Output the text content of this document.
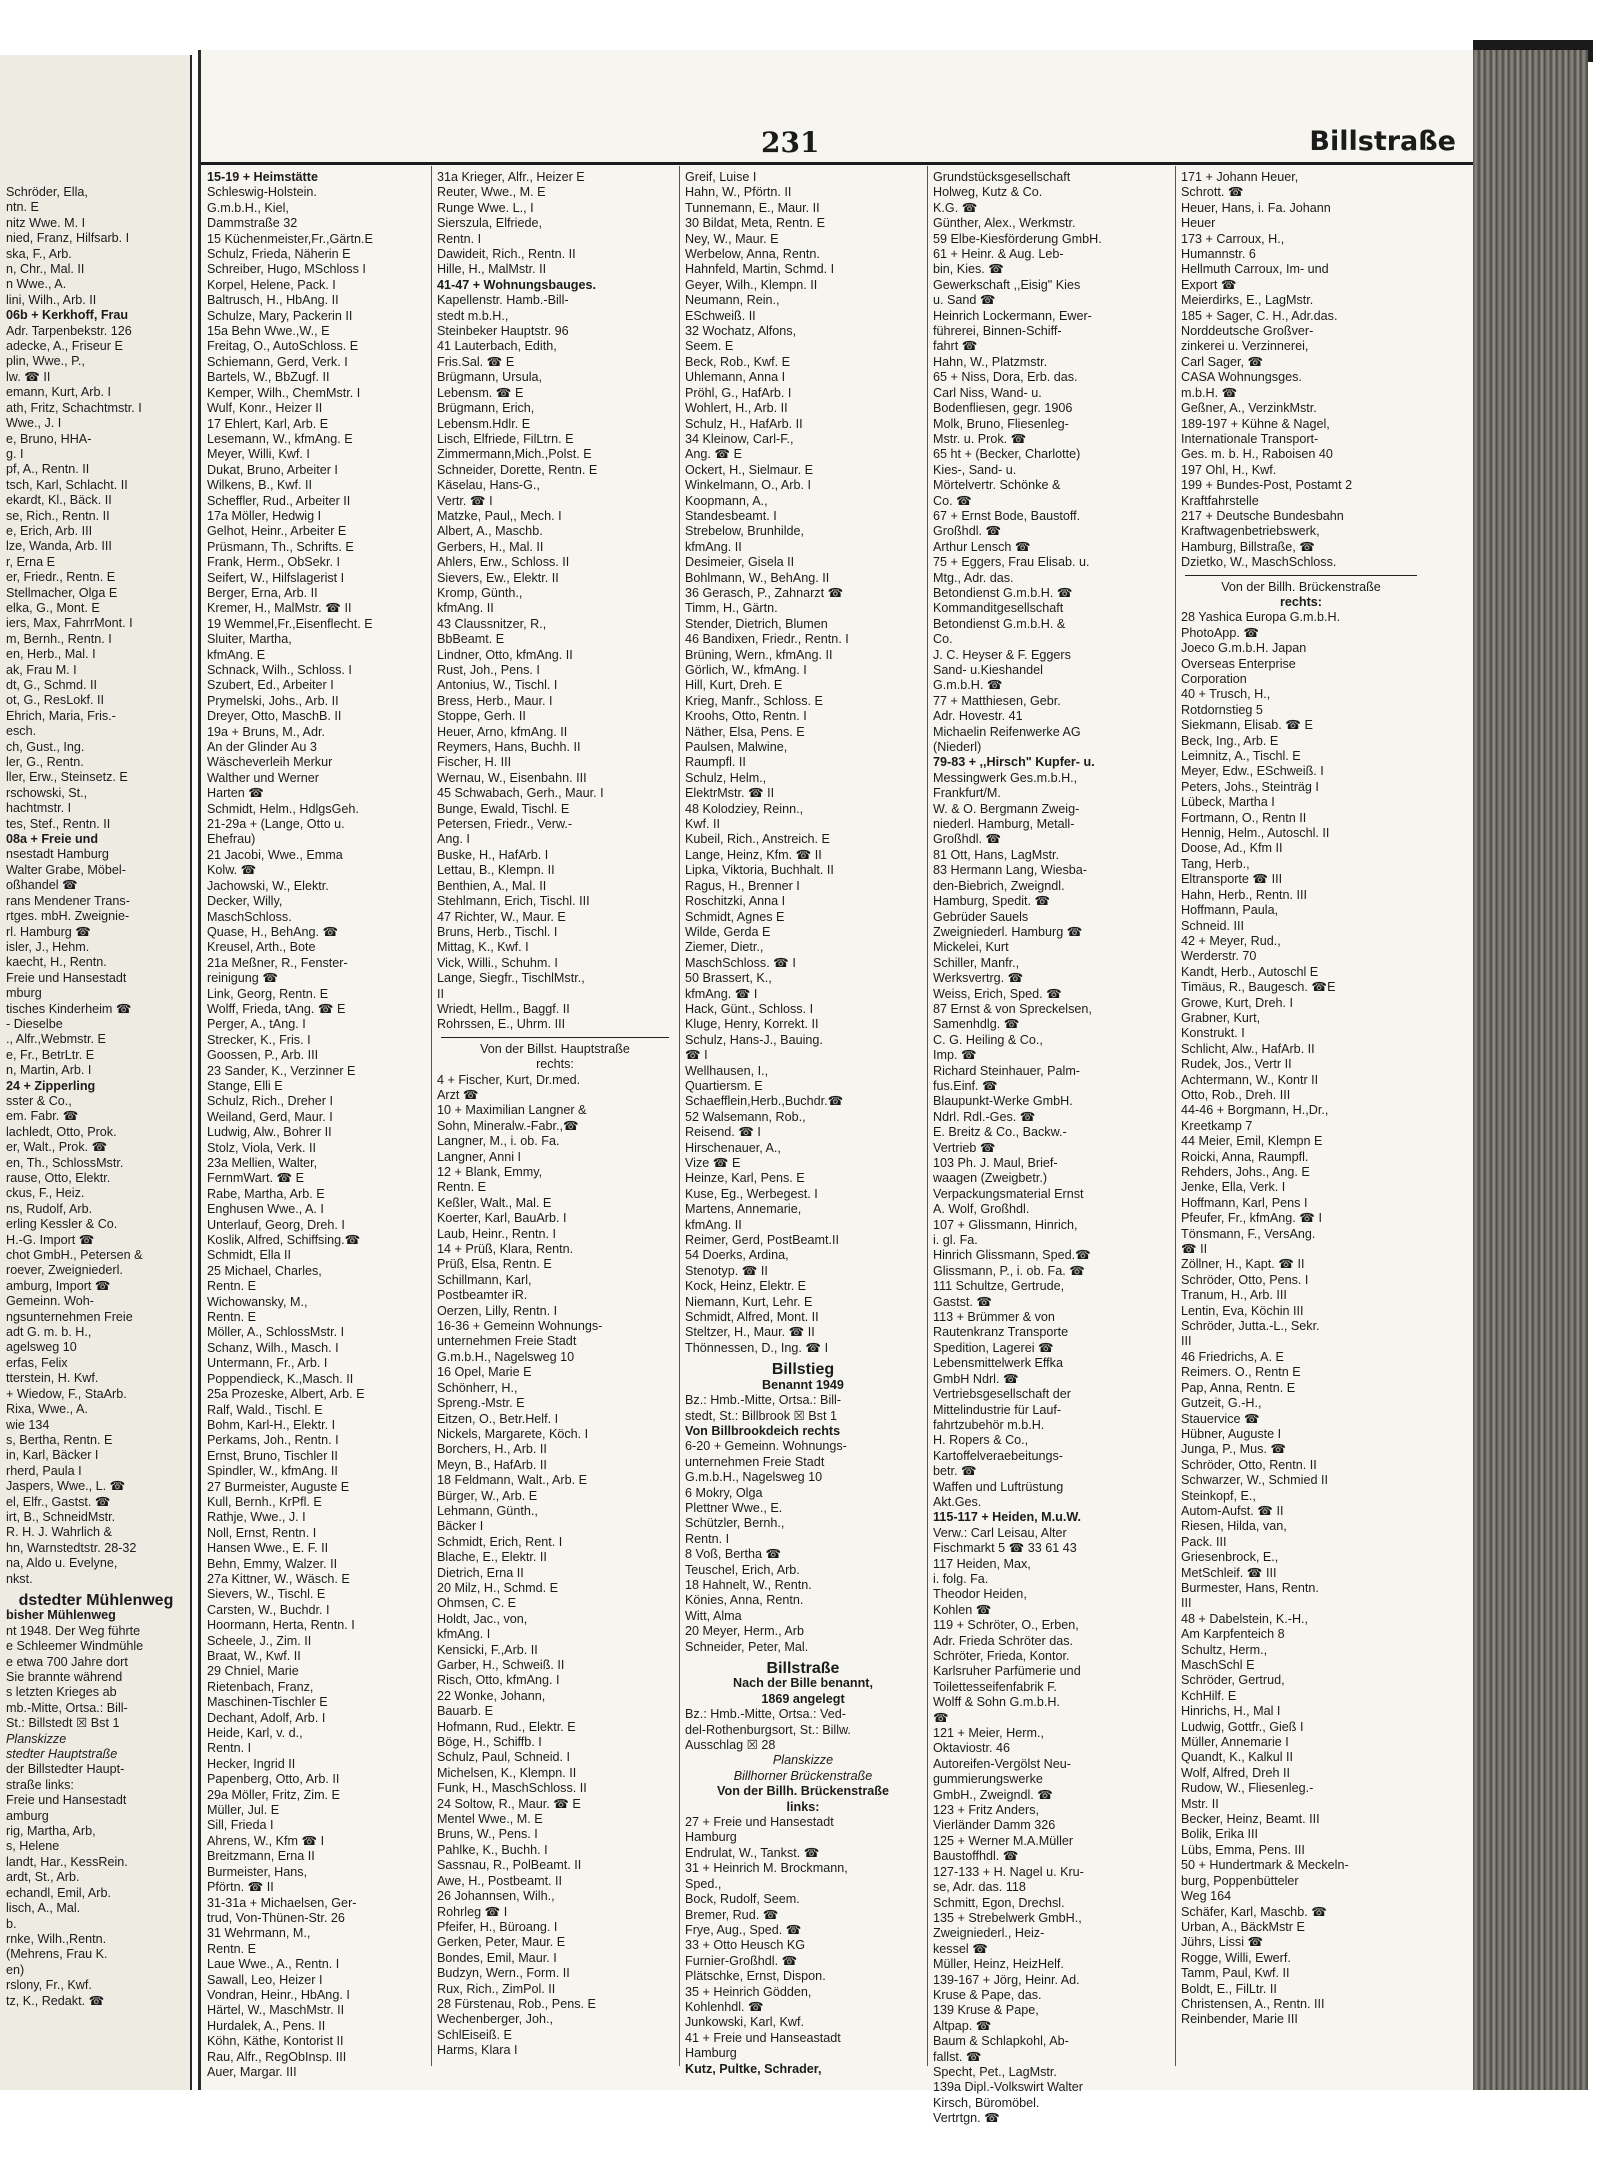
Schröder, Ella,
ntn. E
nitz Wwe. M. I
nied, Franz, Hilfsarb. I
ska, F., Arb.
n, Chr., Mal. II
n Wwe., A.
lini, Wilh., Arb. II
06b + Kerkhoff, Frau
Adr. Tarpenbekstr. 126
adecke, A., Friseur E
plin, Wwe., P.,
lw. ☎ II
emann, Kurt, Arb. I
ath, Fritz, Schachtmstr. I
Wwe., J. I
e, Bruno, HHA-
g. I
pf, A., Rentn. II
tsch, Karl, Schlacht. II
ekardt, Kl., Bäck. II
se, Rich., Rentn. II
e, Erich, Arb. III
lze, Wanda, Arb. III
r, Erna E
er, Friedr., Rentn. E
Stellmacher, Olga E
elka, G., Mont. E
iers, Max, FahrrMont. I
m, Bernh., Rentn. I
en, Herb., Mal. I
ak, Frau M. I
dt, G., Schmd. II
ot, G., ResLokf. II
Ehrich, Maria, Fris.-
esch.
ch, Gust., Ing.
ler, G., Rentn.
ller, Erw., Steinsetz. E
rschowski, St.,
hachtmstr. I
tes, Stef., Rentn. II
08a + Freie und
nsestadt Hamburg
Walter Grabe, Möbel-
oßhandel ☎
rans Mendener Trans-
rtges. mbH. Zweignie-
rl. Hamburg ☎
isler, J., Hehm.
kaecht, H., Rentn.
Freie und Hansestadt
mburg
tisches Kinderheim ☎
- Dieselbe
., Alfr.,Webmstr. E
e, Fr., BetrLtr. E
n, Martin, Arb. I
24 + Zipperling
sster & Co.,
em. Fabr. ☎
lachledt, Otto, Prok.
er, Walt., Prok. ☎
en, Th., SchlossMstr.
rause, Otto, Elektr.
ckus, F., Heiz.
ns, Rudolf, Arb.
erling Kessler & Co.
H.-G. Import ☎
chot GmbH., Petersen &
roever, Zweigniederl.
amburg, Import ☎
Gemeinn. Woh-
ngsunternehmen Freie
adt G. m. b. H.,
agelsweg 10
erfas, Felix
tterstein, H. Kwf.
+ Wiedow, F., StaArb.
Rixa, Wwe., A.
wie 134
s, Bertha, Rentn. E
in, Karl, Bäcker I
rherd, Paula I
Jaspers, Wwe., L. ☎
el, Elfr., Gastst. ☎
irt, B., SchneidMstr.
R. H. J. Wahrlich &
hn, Warnstedtstr. 28-32
na, Aldo u. Evelyne,
nkst.
dstedter Mühlenweg
bisher Mühlenweg
nt 1948. Der Weg führte
e Schleemer Windmühle
e etwa 700 Jahre dort
Sie brannte während
s letzten Krieges ab
mb.-Mitte, Ortsa.: Bill-
St.: Billstedt ☒ Bst 1
Planskizze
stedter Hauptstraße
der Billstedter Haupt-
straße links:
Freie und Hansestadt
amburg
rig, Martha, Arb,
s, Helene
landt, Har., KessRein.
ardt, St., Arb.
echandl, Emil, Arb.
lisch, A., Mal.
b.
rnke, Wilh.,Rentn.
(Mehrens, Frau K.
en)
rslony, Fr., Kwf.
tz, K., Redakt. ☎
231	Billstraße
15-19 + Heimstätte
Schleswig-Holstein.
G.m.b.H., Kiel,
Dammstraße 32
15 Küchenmeister,Fr.,Gärtn.E
Schulz, Frieda, Näherin E
Schreiber, Hugo, MSchloss I
Korpel, Helene, Pack. I
Baltrusch, H., HbAng. II
Schulze, Mary, Packerin II
15a Behn Wwe.,W., E
Freitag, O., AutoSchloss. E
Schiemann, Gerd, Verk. I
Bartels, W., BbZugf. II
Kemper, Wilh., ChemMstr. I
Wulf, Konr., Heizer II
17 Ehlert, Karl, Arb. E
Lesemann, W., kfmAng. E
Meyer, Willi, Kwf. I
Dukat, Bruno, Arbeiter I
Wilkens, B., Kwf. II
Scheffler, Rud., Arbeiter II
17a Möller, Hedwig I
Gelhot, Heinr., Arbeiter E
Prüsmann, Th., Schrifts. E
Frank, Herm., ObSekr. I
Seifert, W., Hilfslagerist I
Berger, Erna, Arb. II
Kremer, H., MalMstr. ☎ II
19 Wemmel,Fr.,Eisenflecht. E
Sluiter, Martha,
kfmAng. E
Schnack, Wilh., Schloss. I
Szubert, Ed., Arbeiter I
Prymelski, Johs., Arb. II
Dreyer, Otto, MaschB. II
19a + Bruns, M., Adr.
An der Glinder Au 3
Wäscheverleih Merkur
Walther und Werner
Harten ☎
Schmidt, Helm., HdlgsGeh.
21-29a + (Lange, Otto u.
Ehefrau)
21 Jacobi, Wwe., Emma
Kolw. ☎
Jachowski, W., Elektr.
Decker, Willy,
MaschSchloss.
Quase, H., BehAng. ☎
Kreusel, Arth., Bote
21a Meßner, R., Fenster-
reinigung ☎
Link, Georg, Rentn. E
Wolff, Frieda, tAng. ☎ E
Perger, A., tAng. I
Strecker, K., Fris. I
Goossen, P., Arb. III
23 Sander, K., Verzinner E
Stange, Elli E
Schulz, Rich., Dreher I
Weiland, Gerd, Maur. I
Ludwig, Alw., Bohrer II
Stolz, Viola, Verk. II
23a Mellien, Walter,
FernmWart. ☎ E
Rabe, Martha, Arb. E
Enghusen Wwe., A. I
Unterlauf, Georg, Dreh. I
Koslik, Alfred, Schiffsing.☎
Schmidt, Ella II
25 Michael, Charles,
Rentn. E
Wichowansky, M.,
Rentn. E
Möller, A., SchlossMstr. I
Schanz, Wilh., Masch. I
Untermann, Fr., Arb. I
Poppendieck, K.,Masch. II
25a Prozeske, Albert, Arb. E
Ralf, Wald., Tischl. E
Bohm, Karl-H., Elektr. I
Perkams, Joh., Rentn. I
Ernst, Bruno, Tischler II
Spindler, W., kfmAng. II
27 Burmeister, Auguste E
Kull, Bernh., KrPfl. E
Rathje, Wwe., J. I
Noll, Ernst, Rentn. I
Hansen Wwe., E. F. II
Behn, Emmy, Walzer. II
27a Kittner, W., Wäsch. E
Sievers, W., Tischl. E
Carsten, W., Buchdr. I
Hoormann, Herta, Rentn. I
Scheele, J., Zim. II
Braat, W., Kwf. II
29 Chniel, Marie
Rietenbach, Franz,
Maschinen-Tischler E
Dechant, Adolf, Arb. I
Heide, Karl, v. d.,
Rentn. I
Hecker, Ingrid II
Papenberg, Otto, Arb. II
29a Möller, Fritz, Zim. E
Müller, Jul. E
Sill, Frieda I
Ahrens, W., Kfm ☎ I
Breitzmann, Erna II
Burmeister, Hans,
Pförtn. ☎ II
31-31a + Michaelsen, Ger-
trud, Von-Thünen-Str. 26
31 Wehrmann, M.,
Rentn. E
Laue Wwe., A., Rentn. I
Sawall, Leo, Heizer I
Vondran, Heinr., HbAng. I
Härtel, W., MaschMstr. II
Hurdalek, A., Pens. II
Köhn, Käthe, Kontorist II
Rau, Alfr., RegObInsp. III
Auer, Margar. III
31a Krieger, Alfr., Heizer E
Reuter, Wwe., M. E
Runge Wwe. L., I
Sierszula, Elfriede,
Rentn. I
Dawideit, Rich., Rentn. II
Hille, H., MalMstr. II
41-47 + Wohnungsbauges.
Kapellenstr. Hamb.-Bill-
stedt m.b.H.,
Steinbeker Hauptstr. 96
41 Lauterbach, Edith,
Fris.Sal. ☎ E
Brügmann, Ursula,
Lebensm. ☎ E
Brügmann, Erich,
Lebensm.Hdlr. E
Lisch, Elfriede, FilLtrn. E
Zimmermann,Mich.,Polst. E
Schneider, Dorette, Rentn. E
Käselau, Hans-G.,
Vertr. ☎ I
Matzke, Paul,, Mech. I
Albert, A., Maschb.
Gerbers, H., Mal. II
Ahlers, Erw., Schloss. II
Sievers, Ew., Elektr. II
Kromp, Günth.,
kfmAng. II
43 Claussnitzer, R.,
BbBeamt. E
Lindner, Otto, kfmAng. II
Rust, Joh., Pens. I
Antonius, W., Tischl. I
Bress, Herb., Maur. I
Stoppe, Gerh. II
Heuer, Arno, kfmAng. II
Reymers, Hans, Buchh. II
Fischer, H. III
Wernau, W., Eisenbahn. III
45 Schwabach, Gerh., Maur. I
Bunge, Ewald, Tischl. E
Petersen, Friedr., Verw.-
Ang. I
Buske, H., HafArb. I
Lettau, B., Klempn. II
Benthien, A., Mal. II
Stehlmann, Erich, Tischl. III
47 Richter, W., Maur. E
Bruns, Herb., Tischl. I
Mittag, K., Kwf. I
Vick, Willi., Schuhm. I
Lange, Siegfr., TischlMstr.,
II
Wriedt, Hellm., Baggf. II
Rohrssen, E., Uhrm. III
Von der Billst. Hauptstraße
rechts:
4 + Fischer, Kurt, Dr.med.
Arzt ☎
10 + Maximilian Langner &
Sohn, Mineralw.-Fabr.,☎
Langner, M., i. ob. Fa.
Langner, Anni I
12 + Blank, Emmy,
Rentn. E
Keßler, Walt., Mal. E
Koerter, Karl, BauArb. I
Laub, Heinr., Rentn. I
14 + Prüß, Klara, Rentn.
Prüß, Elsa, Rentn. E
Schillmann, Karl,
Postbeamter iR.
Oerzen, Lilly, Rentn. I
16-36 + Gemeinn Wohnungs-
unternehmen Freie Stadt
G.m.b.H., Nagelsweg 10
16 Opel, Marie E
Schönherr, H.,
Spreng.-Mstr. E
Eitzen, O., Betr.Helf. I
Nickels, Margarete, Köch. I
Borchers, H., Arb. II
Meyn, B., HafArb. II
18 Feldmann, Walt., Arb. E
Bürger, W., Arb. E
Lehmann, Günth.,
Bäcker I
Schmidt, Erich, Rent. I
Blache, E., Elektr. II
Dietrich, Erna II
20 Milz, H., Schmd. E
Ohmsen, C. E
Holdt, Jac., von,
kfmAng. I
Kensicki, F.,Arb. II
Garber, H., Schweiß. II
Risch, Otto, kfmAng. I
22 Wonke, Johann,
Bauarb. E
Hofmann, Rud., Elektr. E
Böge, H., Schiffb. I
Schulz, Paul, Schneid. I
Michelsen, K., Klempn. II
Funk, H., MaschSchloss. II
24 Soltow, R., Maur. ☎ E
Mentel Wwe., M. E
Bruns, W., Pens. I
Pahlke, K., Buchh. I
Sassnau, R., PolBeamt. II
Awe, H., Postbeamt. II
26 Johannsen, Wilh.,
Rohrleg ☎ I
Pfeifer, H., Büroang. I
Gerken, Peter, Maur. E
Bondes, Emil, Maur. I
Budzyn, Wern., Form. II
Rux, Rich., ZimPol. II
28 Fürstenau, Rob., Pens. E
Wechenberger, Joh.,
SchlEiseiß. E
Harms, Klara I
Greif, Luise I
Hahn, W., Pförtn. II
Tunnemann, E., Maur. II
30 Bildat, Meta, Rentn. E
Ney, W., Maur. E
Werbelow, Anna, Rentn.
Hahnfeld, Martin, Schmd. I
Geyer, Wilh., Klempn. II
Neumann, Rein.,
ESchweiß. II
32 Wochatz, Alfons,
Seem. E
Beck, Rob., Kwf. E
Uhlemann, Anna I
Pröhl, G., HafArb. I
Wohlert, H., Arb. II
Schulz, H., HafArb. II
34 Kleinow, Carl-F.,
Ang. ☎ E
Ockert, H., Sielmaur. E
Winkelmann, O., Arb. I
Koopmann, A.,
Standesbeamt. I
Strebelow, Brunhilde,
kfmAng. II
Desimeier, Gisela II
Bohlmann, W., BehAng. II
36 Gerasch, P., Zahnarzt ☎
Timm, H., Gärtn.
Stender, Dietrich, Blumen
46 Bandixen, Friedr., Rentn. I
Brüning, Wern., kfmAng. II
Görlich, W., kfmAng. I
Hill, Kurt, Dreh. E
Krieg, Manfr., Schloss. E
Kroohs, Otto, Rentn. I
Näther, Elsa, Pens. E
Paulsen, Malwine,
Raumpfl. II
Schulz, Helm.,
ElektrMstr. ☎ II
48 Kolodziey, Reinn.,
Kwf. II
Kubeil, Rich., Anstreich. E
Lange, Heinz, Kfm. ☎ II
Lipka, Viktoria, Buchhalt. II
Ragus, H., Brenner I
Roschitzki, Anna I
Schmidt, Agnes E
Wilde, Gerda E
Ziemer, Dietr.,
MaschSchloss. ☎ I
50 Brassert, K.,
kfmAng. ☎ I
Hack, Günt., Schloss. I
Kluge, Henry, Korrekt. II
Schulz, Hans-J., Bauing.
☎ I
Wellhausen, I.,
Quartiersm. E
Schaefflein,Herb.,Buchdr.☎
52 Walsemann, Rob.,
Reisend. ☎ I
Hirschenauer, A.,
Vize ☎ E
Heinze, Karl, Pens. E
Kuse, Eg., Werbegest. I
Martens, Annemarie,
kfmAng. II
Reimer, Gerd, PostBeamt.II
54 Doerks, Ardina,
Stenotyp. ☎ II
Kock, Heinz, Elektr. E
Niemann, Kurt, Lehr. E
Schmidt, Alfred, Mont. II
Steltzer, H., Maur. ☎ II
Thönnessen, D., Ing. ☎ I
Billstieg
Benannt 1949
Bz.: Hmb.-Mitte, Ortsa.: Bill-
stedt, St.: Billbrook ☒ Bst 1
Von Billbrookdeich rechts
6-20 + Gemeinn. Wohnungs-
unternehmen Freie Stadt
G.m.b.H., Nagelsweg 10
6 Mokry, Olga
Plettner Wwe., E.
Schützler, Bernh.,
Rentn. I
8 Voß, Bertha ☎
Teuschel, Erich, Arb.
18 Hahnelt, W., Rentn.
Könies, Anna, Rentn.
Witt, Alma
20 Meyer, Herm., Arb
Schneider, Peter, Mal.
Billstraße
Nach der Bille benannt,
1869 angelegt
Bz.: Hmb.-Mitte, Ortsa.: Ved-
del-Rothenburgsort, St.: Billw.
Ausschlag ☒ 28
Planskizze
Billhorner Brückenstraße
Von der Billh. Brückenstraße
links:
27 + Freie und Hansestadt
Hamburg
Endrulat, W., Tankst. ☎
31 + Heinrich M. Brockmann,
Sped.,
Bock, Rudolf, Seem.
Bremer, Rud. ☎
Frye, Aug., Sped. ☎
33 + Otto Heusch KG
Furnier-Großhdl. ☎
Plätschke, Ernst, Dispon.
35 + Heinrich Gödden,
Kohlenhdl. ☎
Junkowski, Karl, Kwf.
41 + Freie und Hanseastadt
Hamburg
Kutz, Pultke, Schrader,
Grundstücksgesellschaft
Holweg, Kutz & Co.
K.G. ☎
Günther, Alex., Werkmstr.
59 Elbe-Kiesförderung GmbH.
61 + Heinr. & Aug. Leb-
bin, Kies. ☎
Gewerkschaft ,,Eisig" Kies
u. Sand ☎
Heinrich Lockermann, Ewer-
führerei, Binnen-Schiff-
fahrt ☎
Hahn, W., Platzmstr.
65 + Niss, Dora, Erb. das.
Carl Niss, Wand- u.
Bodenfliesen, gegr. 1906
Molk, Bruno, Fliesenleg-
Mstr. u. Prok. ☎
65 ht + (Becker, Charlotte)
Kies-, Sand- u.
Mörtelvertr. Schönke &
Co. ☎
67 + Ernst Bode, Baustoff.
Großhdl. ☎
Arthur Lensch ☎
75 + Eggers, Frau Elisab. u.
Mtg., Adr. das.
Betondienst G.m.b.H. ☎
Kommanditgesellschaft
Betondienst G.m.b.H. &
Co.
J. C. Heyser & F. Eggers
Sand- u.Kieshandel
G.m.b.H. ☎
77 + Matthiesen, Gebr.
Adr. Hovestr. 41
Michaelin Reifenwerke AG
(Niederl)
79-83 + ,,Hirsch" Kupfer- u.
Messingwerk Ges.m.b.H.,
Frankfurt/M.
W. & O. Bergmann Zweig-
niederl. Hamburg, Metall-
Großhdl. ☎
81 Ott, Hans, LagMstr.
83 Hermann Lang, Wiesba-
den-Biebrich, Zweigndl.
Hamburg, Spedit. ☎
Gebrüder Sauels
Zweigniederl. Hamburg ☎
Mickelei, Kurt
Schiller, Manfr.,
Werksvertrg. ☎
Weiss, Erich, Sped. ☎
87 Ernst & von Spreckelsen,
Samenhdlg. ☎
C. G. Heiling & Co.,
Imp. ☎
Richard Steinhauer, Palm-
fus.Einf. ☎
Blaupunkt-Werke GmbH.
Ndrl. Rdl.-Ges. ☎
E. Breitz & Co., Backw.-
Vertrieb ☎
103 Ph. J. Maul, Brief-
waagen (Zweigbetr.)
Verpackungsmaterial Ernst
A. Wolf, Großhdl.
107 + Glissmann, Hinrich,
i. gl. Fa.
Hinrich Glissmann, Sped.☎
Glissmann, P., i. ob. Fa. ☎
111 Schultze, Gertrude,
Gastst. ☎
113 + Brümmer & von
Rautenkranz Transporte
Spedition, Lagerei ☎
Lebensmittelwerk Effka
GmbH Ndrl. ☎
Vertriebsgesellschaft der
Mittelindustrie für Lauf-
fahrtzubehör m.b.H.
H. Ropers & Co.,
Kartoffelveraebeitungs-
betr. ☎
Waffen und Luftrüstung
Akt.Ges.
115-117 + Heiden, M.u.W.
Verw.: Carl Leisau, Alter
Fischmarkt 5 ☎ 33 61 43
117 Heiden, Max,
i. folg. Fa.
Theodor Heiden,
Kohlen ☎
119 + Schröter, O., Erben,
Adr. Frieda Schröter das.
Schröter, Frieda, Kontor.
Karlsruher Parfümerie und
Toilettesseifenfabrik F.
Wolff & Sohn G.m.b.H.
☎
121 + Meier, Herm.,
Oktaviostr. 46
Autoreifen-Vergölst Neu-
gummierungswerke
GmbH., Zweigndl. ☎
123 + Fritz Anders,
Vierländer Damm 326
125 + Werner M.A.Müller
Baustoffhdl. ☎
127-133 + H. Nagel u. Kru-
se, Adr. das. 118
Schmitt, Egon, Drechsl.
135 + Strebelwerk GmbH.,
Zweigniederl., Heiz-
kessel ☎
Müller, Heinz, HeizHelf.
139-167 + Jörg, Heinr. Ad.
Kruse & Pape, das.
139 Kruse & Pape,
Altpap. ☎
Baum & Schlapkohl, Ab-
fallst. ☎
Specht, Pet., LagMstr.
139a Dipl.-Volkswirt Walter
Kirsch, Büromöbel.
Vertrtgn. ☎
171 + Johann Heuer,
Schrott. ☎
Heuer, Hans, i. Fa. Johann
Heuer
173 + Carroux, H.,
Humannstr. 6
Hellmuth Carroux, Im- und
Export ☎
Meierdirks, E., LagMstr.
185 + Sager, C. H., Adr.das.
Norddeutsche Großver-
zinkerei u. Verzinnerei,
Carl Sager, ☎
CASA Wohnungsges.
m.b.H. ☎
Geßner, A., VerzinkMstr.
189-197 + Kühne & Nagel,
Internationale Transport-
Ges. m. b. H., Raboisen 40
197 Ohl, H., Kwf.
199 + Bundes-Post, Postamt 2
Kraftfahrstelle
217 + Deutsche Bundesbahn
Kraftwagenbetriebswerk,
Hamburg, Billstraße, ☎
Dzietko, W., MaschSchloss.
Von der Billh. Brückenstraße
rechts:
28 Yashica Europa G.m.b.H.
PhotoApp. ☎
Joeco G.m.b.H. Japan
Overseas Enterprise
Corporation
40 + Trusch, H.,
Rotdornstieg 5
Siekmann, Elisab. ☎ E
Beck, Ing., Arb. E
Leimnitz, A., Tischl. E
Meyer, Edw., ESchweiß. I
Peters, Johs., Steinträg I
Lübeck, Martha I
Fortmann, O., Rentn II
Hennig, Helm., Autoschl. II
Doose, Ad., Kfm II
Tang, Herb.,
Eltransporte ☎ III
Hahn, Herb., Rentn. III
Hoffmann, Paula,
Schneid. III
42 + Meyer, Rud.,
Werderstr. 70
Kandt, Herb., Autoschl E
Timäus, R., Baugesch. ☎E
Growe, Kurt, Dreh. I
Grabner, Kurt,
Konstrukt. I
Schlicht, Alw., HafArb. II
Rudek, Jos., Vertr II
Achtermann, W., Kontr II
Otto, Rob., Dreh. III
44-46 + Borgmann, H.,Dr.,
Kreetkamp 7
44 Meier, Emil, Klempn E
Roicki, Anna, Raumpfl.
Rehders, Johs., Ang. E
Jenke, Ella, Verk. I
Hoffmann, Karl, Pens I
Pfeufer, Fr., kfmAng. ☎ I
Tönsmann, F., VersAng.
☎ II
Zöllner, H., Kapt. ☎ II
Schröder, Otto, Pens. I
Tranum, H., Arb. III
Lentin, Eva, Köchin III
Schröder, Jutta.-L., Sekr.
III
46 Friedrichs, A. E
Reimers. O., Rentn E
Pap, Anna, Rentn. E
Gutzeit, G.-H.,
Stauervice ☎
Hübner, Auguste I
Junga, P., Mus. ☎
Schröder, Otto, Rentn. II
Schwarzer, W., Schmied II
Steinkopf, E.,
Autom-Aufst. ☎ II
Riesen, Hilda, van,
Pack. III
Griesenbrock, E.,
MetSchleif. ☎ III
Burmester, Hans, Rentn.
III
48 + Dabelstein, K.-H.,
Am Karpfenteich 8
Schultz, Herm.,
MaschSchl E
Schröder, Gertrud,
KchHilf. E
Hinrichs, H., Mal I
Ludwig, Gottfr., Gieß I
Müller, Annemarie I
Quandt, K., Kalkul II
Wolf, Alfred, Dreh II
Rudow, W., Fliesenleg.-
Mstr. II
Becker, Heinz, Beamt. III
Bolik, Erika III
Lübs, Emma, Pens. III
50 + Hundertmark & Meckeln-
burg, Poppenbütteler
Weg 164
Schäfer, Karl, Maschb. ☎
Urban, A., BäckMstr E
Jührs, Lissi ☎
Rogge, Willi, Ewerf.
Tamm, Paul, Kwf. II
Boldt, E., FilLtr. II
Christensen, A., Rentn. III
Reinbender, Marie III
